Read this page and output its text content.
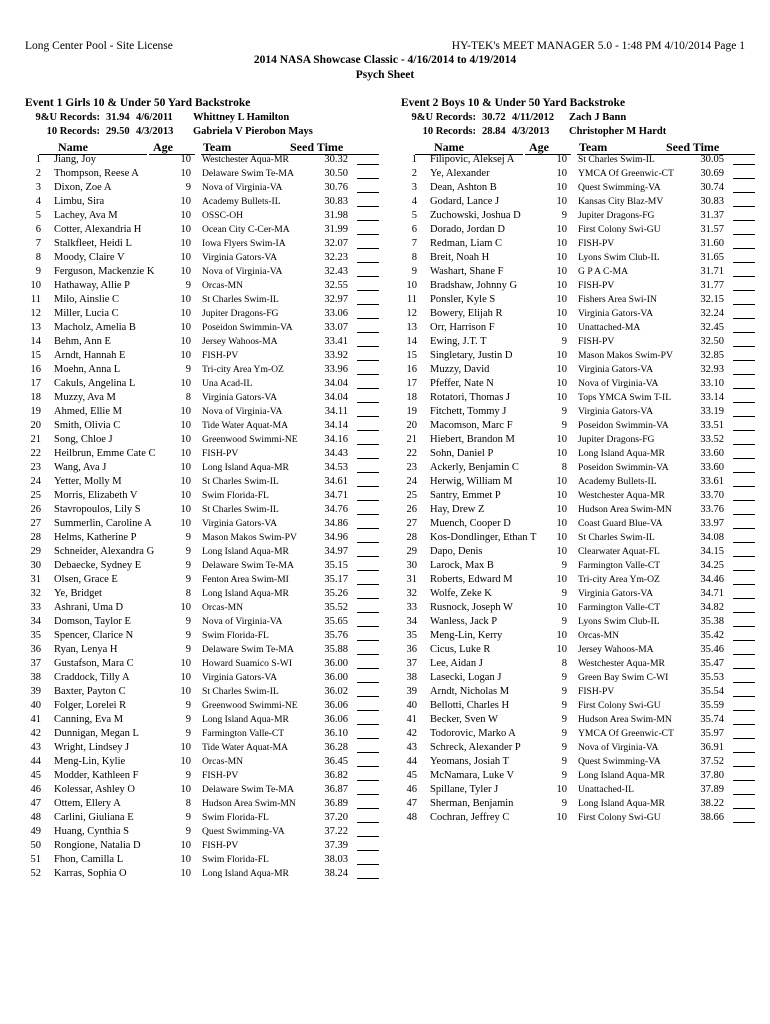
Long Center Pool - Site License	HY-TEK's MEET MANAGER 5.0 - 1:48 PM 4/10/2014 Page 1
2014 NASA Showcase Classic - 4/16/2014 to 4/19/2014
Psych Sheet
Event 1 Girls 10 & Under 50 Yard Backstroke
9&U Records: 31.94 4/6/2011 Whittney L Hamilton
10 Records: 29.50 4/3/2013 Gabriela V Pierobon Mays
Name	Age	Team	Seed Time
1 Jiang, Joy	10 Westchester Aqua-MR	30.32
2 Thompson, Reese A	10 Delaware Swim Te-MA	30.50
3 Dixon, Zoe A	9 Nova of Virginia-VA	30.76
4 Limbu, Sira	10 Academy Bullets-IL	30.83
5 Lachey, Ava M	10 OSSC-OH	31.98
6 Cotter, Alexandria H	10 Ocean City C-Cer-MA	31.99
7 Stalkfleet, Heidi L	10 Iowa Flyers Swim-IA	32.07
8 Moody, Claire V	10 Virginia Gators-VA	32.23
9 Ferguson, Mackenzie K	10 Nova of Virginia-VA	32.43
10 Hathaway, Allie P	9 Orcas-MN	32.55
11 Milo, Ainslie C	10 St Charles Swim-IL	32.97
12 Miller, Lucia C	10 Jupiter Dragons-FG	33.06
13 Macholz, Amelia B	10 Poseidon Swimmin-VA	33.07
14 Behm, Ann E	10 Jersey Wahoos-MA	33.41
15 Arndt, Hannah E	10 FISH-PV	33.92
16 Moehn, Anna L	9 Tri-city Area Ym-OZ	33.96
17 Cakuls, Angelina L	10 Una Acad-IL	34.04
18 Muzzy, Ava M	8 Virginia Gators-VA	34.04
19 Ahmed, Ellie M	10 Nova of Virginia-VA	34.11
20 Smith, Olivia C	10 Tide Water Aquat-MA	34.14
21 Song, Chloe J	10 Greenwood Swimmi-NE	34.16
22 Heilbrun, Emme Cate C	10 FISH-PV	34.43
23 Wang, Ava J	10 Long Island Aqua-MR	34.53
24 Yetter, Molly M	10 St Charles Swim-IL	34.61
25 Morris, Elizabeth V	10 Swim Florida-FL	34.71
26 Stavropoulos, Lily S	10 St Charles Swim-IL	34.76
27 Summerlin, Caroline A	10 Virginia Gators-VA	34.86
28 Helms, Katherine P	9 Mason Makos Swim-PV	34.96
29 Schneider, Alexandra G	9 Long Island Aqua-MR	34.97
30 Debaecke, Sydney E	9 Delaware Swim Te-MA	35.15
31 Olsen, Grace E	9 Fenton Area Swim-MI	35.17
32 Ye, Bridget	8 Long Island Aqua-MR	35.26
33 Ashrani, Uma D	10 Orcas-MN	35.52
34 Domson, Taylor E	9 Nova of Virginia-VA	35.65
35 Spencer, Clarice N	9 Swim Florida-FL	35.76
36 Ryan, Lenya H	9 Delaware Swim Te-MA	35.88
37 Gustafson, Mara C	10 Howard Suamico S-WI	36.00
38 Craddock, Tilly A	10 Virginia Gators-VA	36.00
39 Baxter, Payton C	10 St Charles Swim-IL	36.02
40 Folger, Lorelei R	9 Greenwood Swimmi-NE	36.06
41 Canning, Eva M	9 Long Island Aqua-MR	36.06
42 Dunnigan, Megan L	9 Farmington Valle-CT	36.10
43 Wright, Lindsey J	10 Tide Water Aquat-MA	36.28
44 Meng-Lin, Kylie	10 Orcas-MN	36.45
45 Modder, Kathleen F	9 FISH-PV	36.82
46 Kolessar, Ashley O	10 Delaware Swim Te-MA	36.87
47 Ottem, Ellery A	8 Hudson Area Swim-MN	36.89
48 Carlini, Giuliana E	9 Swim Florida-FL	37.20
49 Huang, Cynthia S	9 Quest Swimming-VA	37.22
50 Rongione, Natalia D	10 FISH-PV	37.39
51 Fhon, Camilla L	10 Swim Florida-FL	38.03
52 Karras, Sophia O	10 Long Island Aqua-MR	38.24
Event 2 Boys 10 & Under 50 Yard Backstroke
9&U Records: 30.72 4/11/2012 Zach J Bann
10 Records: 28.84 4/3/2013 Christopher M Hardt
Name	Age	Team	Seed Time
1 Filipovic, Aleksej A	10 St Charles Swim-IL	30.05
2 Ye, Alexander	10 YMCA Of Greenwic-CT	30.69
3 Dean, Ashton B	10 Quest Swimming-VA	30.74
4 Godard, Lance J	10 Kansas City Blaz-MV	30.83
5 Zuchowski, Joshua D	9 Jupiter Dragons-FG	31.37
6 Dorado, Jordan D	10 First Colony Swi-GU	31.57
7 Redman, Liam C	10 FISH-PV	31.60
8 Breit, Noah H	10 Lyons Swim Club-IL	31.65
9 Washart, Shane F	10 G P A C-MA	31.71
10 Bradshaw, Johnny G	10 FISH-PV	31.77
11 Ponsler, Kyle S	10 Fishers Area Swi-IN	32.15
12 Bowery, Elijah R	10 Virginia Gators-VA	32.24
13 Orr, Harrison F	10 Unattached-MA	32.45
14 Ewing, J.T. T	9 FISH-PV	32.50
15 Singletary, Justin D	10 Mason Makos Swim-PV	32.85
16 Muzzy, David	10 Virginia Gators-VA	32.93
17 Pfeffer, Nate N	10 Nova of Virginia-VA	33.10
18 Rotatori, Thomas J	10 Tops YMCA Swim T-IL	33.14
19 Fitchett, Tommy J	9 Virginia Gators-VA	33.19
20 Macomson, Marc F	9 Poseidon Swimmin-VA	33.51
21 Hiebert, Brandon M	10 Jupiter Dragons-FG	33.52
22 Sohn, Daniel P	10 Long Island Aqua-MR	33.60
23 Ackerly, Benjamin C	8 Poseidon Swimmin-VA	33.60
24 Herwig, William M	10 Academy Bullets-IL	33.61
25 Santry, Emmet P	10 Westchester Aqua-MR	33.70
26 Hay, Drew Z	10 Hudson Area Swim-MN	33.76
27 Muench, Cooper D	10 Coast Guard Blue-VA	33.97
28 Kos-Dondlinger, Ethan T	10 St Charles Swim-IL	34.08
29 Dapo, Denis	10 Clearwater Aquat-FL	34.15
30 Larock, Max B	9 Farmington Valle-CT	34.25
31 Roberts, Edward M	10 Tri-city Area Ym-OZ	34.46
32 Wolfe, Zeke K	9 Virginia Gators-VA	34.71
33 Rusnock, Joseph W	10 Farmington Valle-CT	34.82
34 Wanless, Jack P	9 Lyons Swim Club-IL	35.38
35 Meng-Lin, Kerry	10 Orcas-MN	35.42
36 Cicus, Luke R	10 Jersey Wahoos-MA	35.46
37 Lee, Aidan J	8 Westchester Aqua-MR	35.47
38 Lasecki, Logan J	9 Green Bay Swim C-WI	35.53
39 Arndt, Nicholas M	9 FISH-PV	35.54
40 Bellotti, Charles H	9 First Colony Swi-GU	35.59
41 Becker, Sven W	9 Hudson Area Swim-MN	35.74
42 Todorovic, Marko A	9 YMCA Of Greenwic-CT	35.97
43 Schreck, Alexander P	9 Nova of Virginia-VA	36.91
44 Yeomans, Josiah T	9 Quest Swimming-VA	37.52
45 McNamara, Luke V	9 Long Island Aqua-MR	37.80
46 Spillane, Tyler J	10 Unattached-IL	37.89
47 Sherman, Benjamin	9 Long Island Aqua-MR	38.22
48 Cochran, Jeffrey C	10 First Colony Swi-GU	38.66
